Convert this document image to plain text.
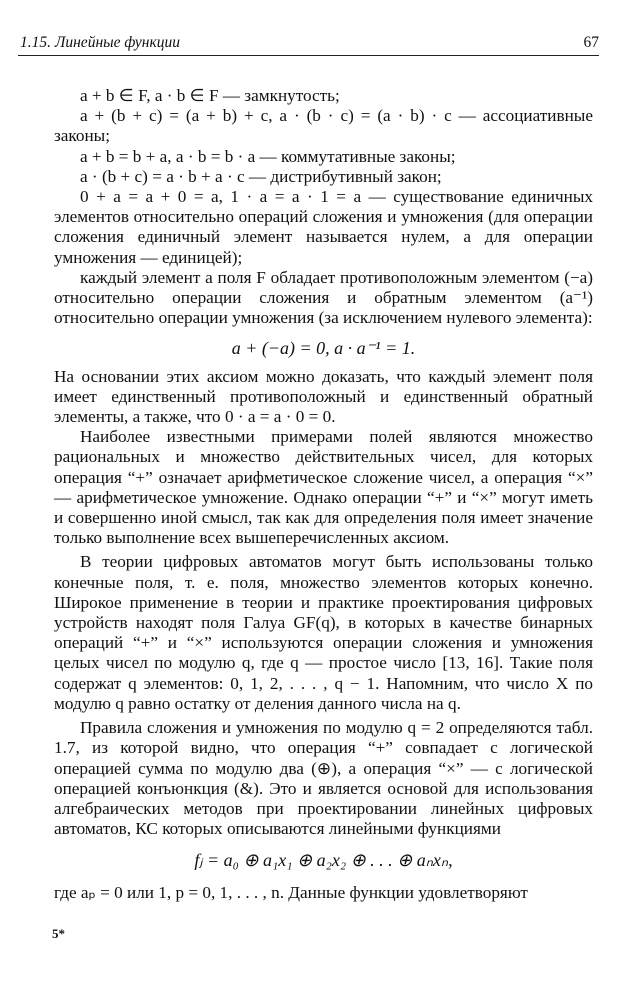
1.15. Линейные функции	67

a + b ∈ F, a · b ∈ F — замкнутость;

a + (b + c) = (a + b) + c, a · (b · c) = (a · b) · c — ассоциативные законы;

a + b = b + a, a · b = b · a — коммутативные законы;

a · (b + c) = a · b + a · c — дистрибутивный закон;

0 + a = a + 0 = a, 1 · a = a · 1 = a — существование единичных элементов относительно операций сложения и умножения (для операции сложения единичный элемент называется нулем, а для операции умножения — единицей);

каждый элемент a поля F обладает противоположным элементом (−a) относительно операции сложения и обратным элементом (a⁻¹) относительно операции умножения (за исключением нулевого элемента):

a + (−a) = 0, a · a⁻¹ = 1.

На основании этих аксиом можно доказать, что каждый элемент поля имеет единственный противоположный и единственный обратный элементы, а также, что 0 · a = a · 0 = 0.

Наиболее известными примерами полей являются множество рациональных и множество действительных чисел, для которых операция “+” означает арифметическое сложение чисел, а операция “×” — арифметическое умножение. Однако операции “+” и “×” могут иметь и совершенно иной смысл, так как для определения поля имеет значение только выполнение всех вышеперечисленных аксиом.

В теории цифровых автоматов могут быть использованы только конечные поля, т. е. поля, множество элементов которых конечно. Широкое применение в теории и практике проектирования цифровых устройств находят поля Галуа GF(q), в которых в качестве бинарных операций “+” и “×” используются операции сложения и умножения целых чисел по модулю q, где q — простое число [13, 16]. Такие поля содержат q элементов: 0, 1, 2, . . . , q − 1. Напомним, что число X по модулю q равно остатку от деления данного числа на q.

Правила сложения и умножения по модулю q = 2 определяются табл. 1.7, из которой видно, что операция “+” совпадает с логической операцией сумма по модулю два (⊕), а операция “×” — с логической операцией конъюнкция (&). Это и является основой для использования алгебраических методов при проектировании линейных цифровых автоматов, КС которых описываются линейными функциями

fⱼ = a₀ ⊕ a₁x₁ ⊕ a₂x₂ ⊕ . . . ⊕ aₙxₙ,

где aₚ = 0 или 1, p = 0, 1, . . . , n. Данные функции удовлетворяют

5*
